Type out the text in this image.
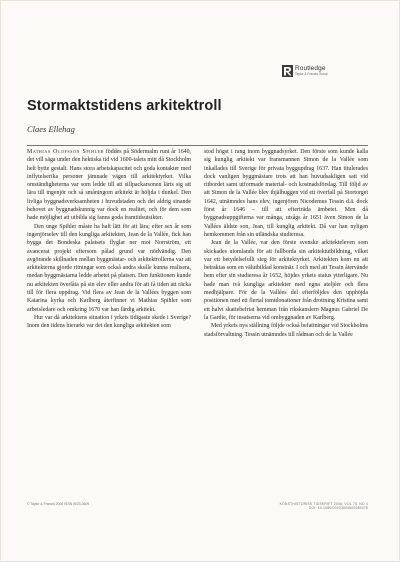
Routledge
Taylor & Francis Group
Stormaktstidens arkitektroll
Claes Ellehag

Mathias Olofsson Spihler föddes på Södermalm runt år 1640, det vill säga under den hektiska tid vid 1600-talets mitt då Stockholm helt bytte gestalt. Hans stora arbetskapacitet och goda kontakter med inflytelserika personer jämnade vägen till arkitektyrket. Vilka omständigheterna var som ledde till att sillpackarsonen lärts sig att lära till ingenjör och så småningom arkitekt är höljda i dunkel. Den livliga byggnadsverksamheten i huvudstaden och det aldrig sinande behovet av byggnadskunnig var dock en realitet, och för dem som hade möjlighet att utbilda sig fanns goda framtidsutsikter.

Den unge Spihler måste ha haft lätt för att lära; efter sex år som ingenjörselev till den kungliga arkitekten, Jean de la Vallée, fick han bygga det Bondeska palatsets flyglar ner mot Norrström, ett avancerat projekt eftersom pålad grund var nödvändig. Den avgörande skillnaden mellan byggmästar- och arkitektrollerna var att arkitekterna gjorde ritningar som också andra skulle kunna realisera, medan byggmästarna ledde arbetet på platsen. Den funktionen kunde nu arkitekten överlåta på sin elev eller andra för att få tiden att räcka till för flera uppdrag. Vid flera av Jean de la Vallées byggen som Katarina kyrka och Karlberg återfinner vi Mathias Spihler som arbetsledare och omkring 1670 var han färdig arkitekt.

Hur var då arkitektens situation i yrkets tidigaste skede i Sverige? Inom den tidens hierarki var det den kungliga arkitekten som

stod högst i rang inom byggnadsyrket. Den förste som kunde kalla sig kunglig arkitekt var fransmannen Simon de la Vallée som inkallades till Sverige för privata byggupdrag 1637. Han titulerades dock vanligen byggmästare trots att han huvudsakligen satt vid ritbordet samt utformade material- och kostnadsförslag. Till följd av att Simon de la Vallée blev ihjälhuggen vid ett överfall på Stortorget 1642, utnämndes hans elev, ingenjören Nicodemus Tessin d.ä. dock först år 1646 – till att efterträda ämbetet. Men då byggnadsuppgifterna var många, utsågs år 1651 även Simon de la Vallées äldste son, Jean, till kunglig arkitekt. Då var han nyligen hemkommen från sin utländska studieresa.

Jean de la Vallée, var den förste svenske arkitekteleven som skickades utomlands för att fullborda sin arkitektutbildning, vilket var ett betydelsefullt steg för arkitektyrket. Arkitekten kom nu att betraktas som en välutbildad konstnär. I och med att Tessin återvände hem efter sin studieresa år 1652, höjdes yrkets status ytterligare. Nu hade man två kungliga arkitekter med egna ateljéer och flera medhjälpare. För de la Vallées del efterföljdes den upphöjda positionen med ett flertal tomtdonationer från drottning Kristina samt ett halvt skattebefriat hemman från rikskanslern Magnus Gabriel De la Gardie, för insatserna vid ombyggnaden av Karlberg.

Med yrkets nya ställning följde också befattningar vid Stockholms stadsförvaltning. Tessin utnämndes till rådman och de la Vallée

© Taylor & Francis 2006 ISSN 0023-3609	KONSTHISTORISK TIDSKRIFT 2006, VOL 75, NO 4
DOI: 10.1080/00233600600589478
